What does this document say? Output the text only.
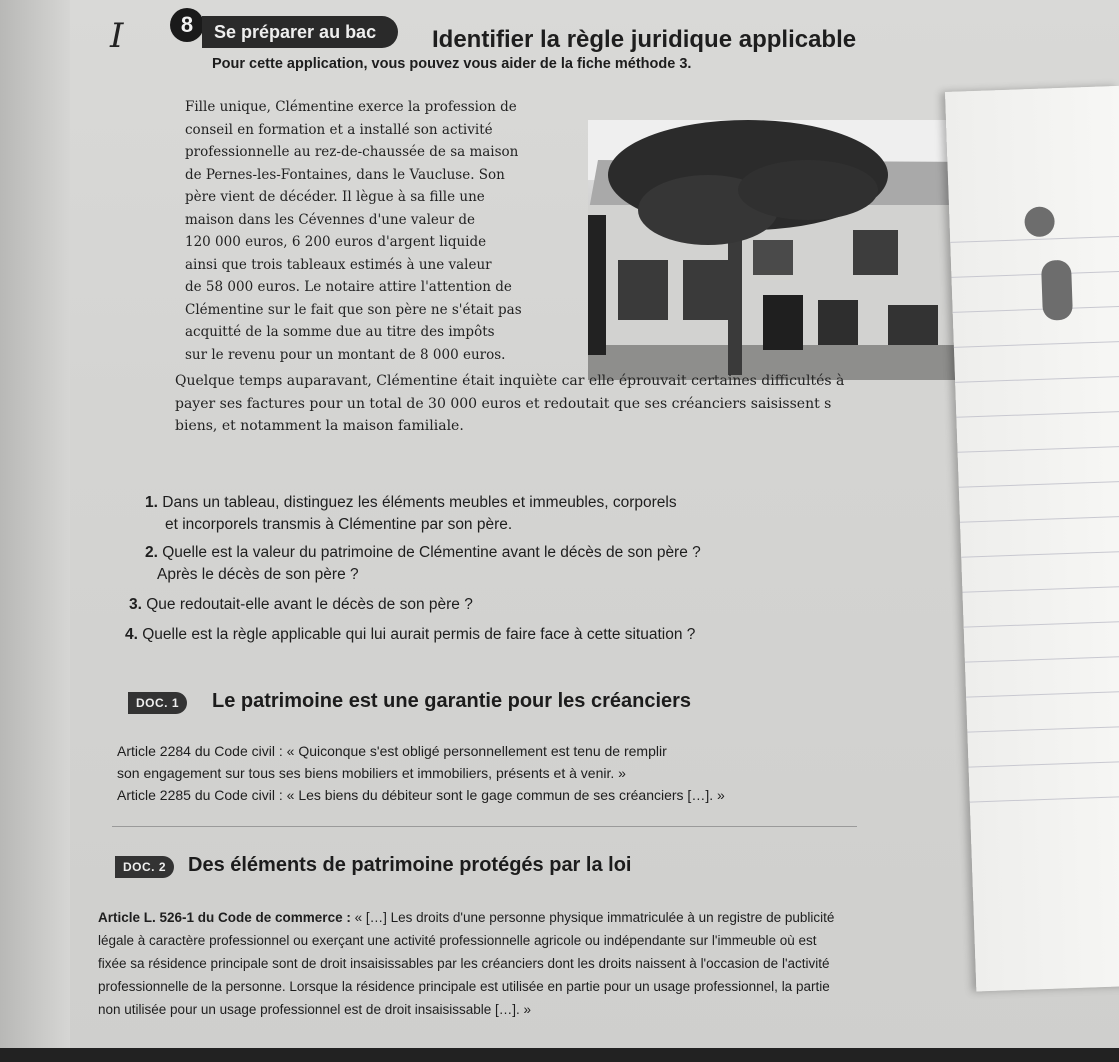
I	8	Se préparer au bac	Identifier la règle juridique applicable
Pour cette application, vous pouvez vous aider de la fiche méthode 3.
Fille unique, Clémentine exerce la profession de
conseil en formation et a installé son activité
professionnelle au rez-de-chaussée de sa maison
de Pernes-les-Fontaines, dans le Vaucluse. Son
père vient de décéder. Il lègue à sa fille une
maison dans les Cévennes d'une valeur de
120 000 euros, 6 200 euros d'argent liquide
ainsi que trois tableaux estimés à une valeur
de 58 000 euros. Le notaire attire l'attention de
Clémentine sur le fait que son père ne s'était pas
acquitté de la somme due au titre des impôts
sur le revenu pour un montant de 8 000 euros.
Quelque temps auparavant, Clémentine était inquiète car elle éprouvait certaines difficultés à
payer ses factures pour un total de 30 000 euros et redoutait que ses créanciers saisissent s
biens, et notamment la maison familiale.
1. Dans un tableau, distinguez les éléments meubles et immeubles, corporels
et incorporels transmis à Clémentine par son père.
2. Quelle est la valeur du patrimoine de Clémentine avant le décès de son père ?
Après le décès de son père ?
3. Que redoutait-elle avant le décès de son père ?
4. Quelle est la règle applicable qui lui aurait permis de faire face à cette situation ?
DOC. 1	Le patrimoine est une garantie pour les créanciers
Article 2284 du Code civil : « Quiconque s'est obligé personnellement est tenu de remplir
son engagement sur tous ses biens mobiliers et immobiliers, présents et à venir. »
Article 2285 du Code civil : « Les biens du débiteur sont le gage commun de ses créanciers […]. »
DOC. 2	Des éléments de patrimoine protégés par la loi
Article L. 526-1 du Code de commerce : « […] Les droits d'une personne physique immatriculée à un registre de publicité
légale à caractère professionnel ou exerçant une activité professionnelle agricole ou indépendante sur l'immeuble où est
fixée sa résidence principale sont de droit insaisissables par les créanciers dont les droits naissent à l'occasion de l'activité
professionnelle de la personne. Lorsque la résidence principale est utilisée en partie pour un usage professionnel, la partie
non utilisée pour un usage professionnel est de droit insaisissable […]. »
